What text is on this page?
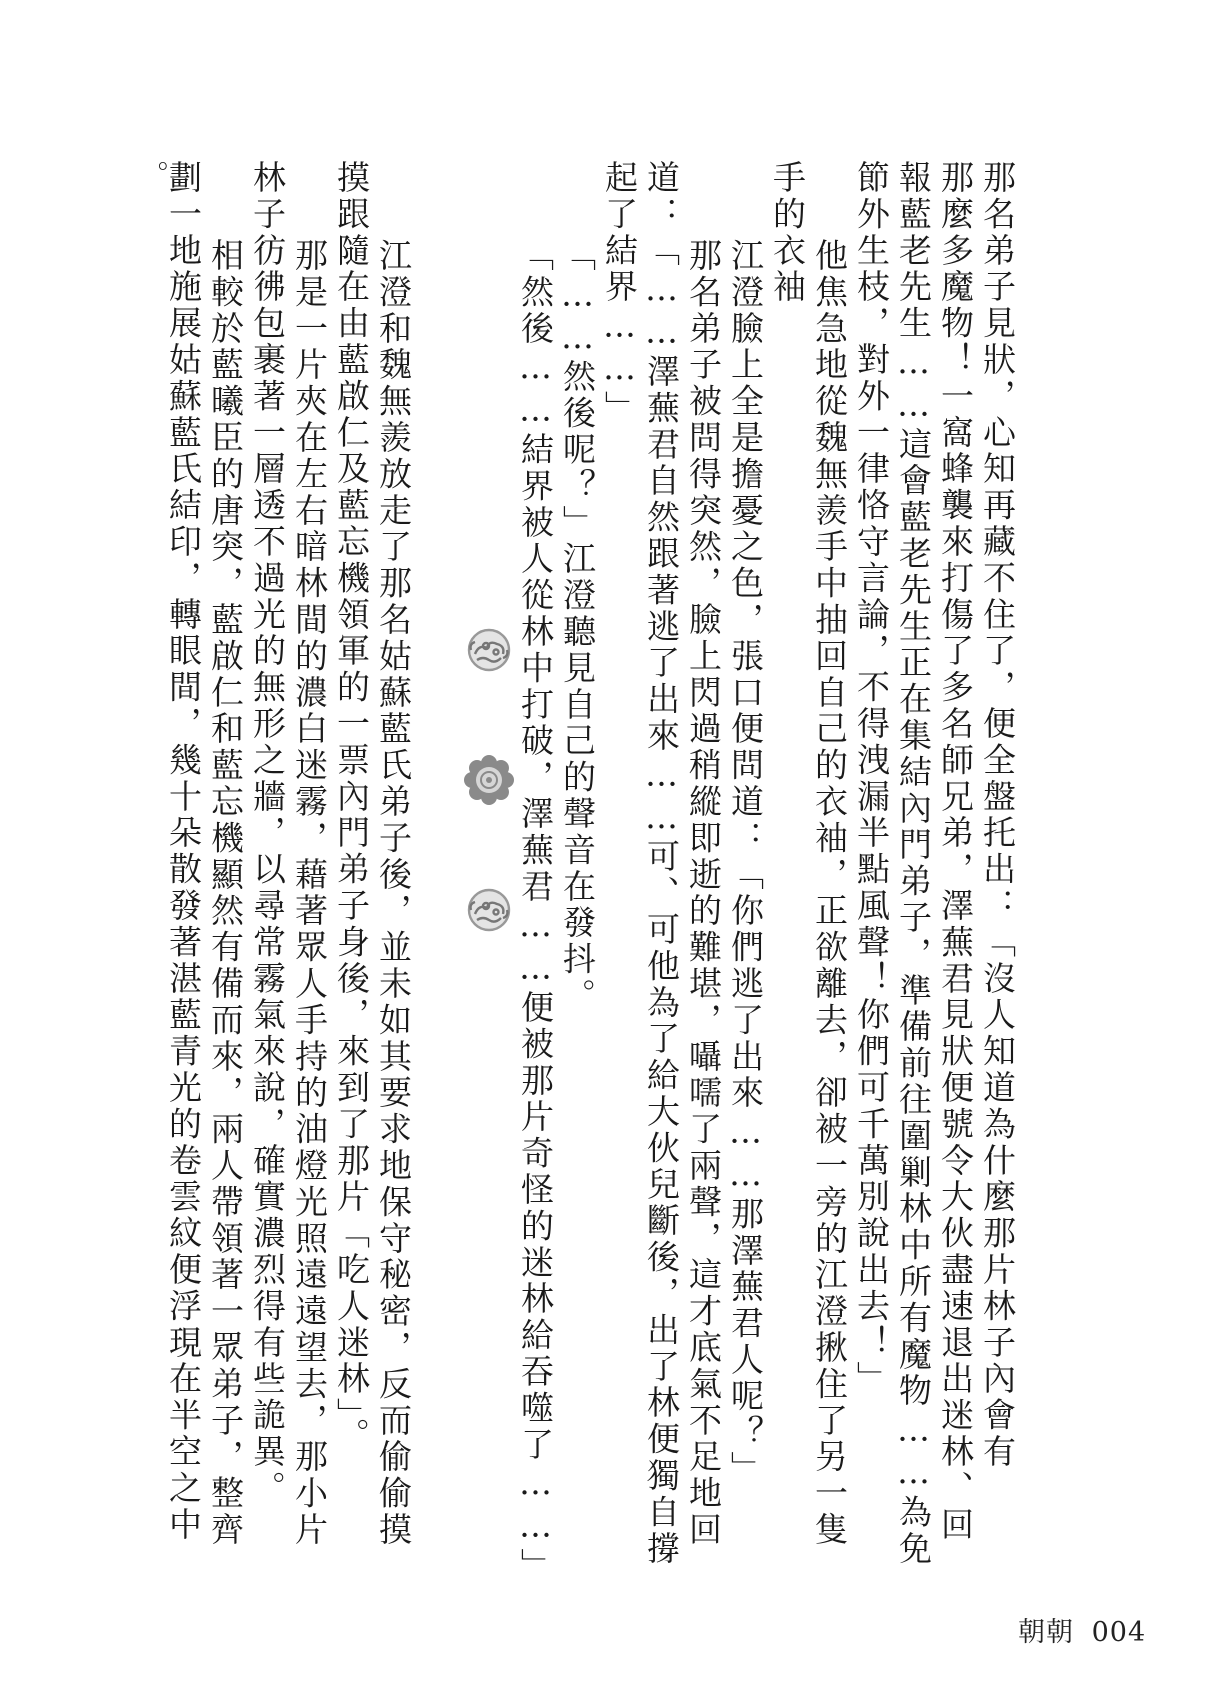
那名弟子見狀，心知再藏不住了，便全盤托出：「沒人知道為什麼那片林子內會有
那麼多魔物！一窩蜂襲來打傷了多名師兄弟，澤蕪君見狀便號令大伙盡速退出迷林、回
報藍老先生……這會藍老先生正在集結內門弟子，準備前往圍剿林中所有魔物……為免
節外生枝，對外一律恪守言論，不得洩漏半點風聲！你們可千萬別說出去！」
他焦急地從魏無羨手中抽回自己的衣袖，正欲離去，卻被一旁的江澄揪住了另一隻
手的衣袖
江澄臉上全是擔憂之色，張口便問道：「你們逃了出來……那澤蕪君人呢？」
那名弟子被問得突然，臉上閃過稍縱即逝的難堪，囁嚅了兩聲，這才底氣不足地回
道：「……澤蕪君自然跟著逃了出來……可、可他為了給大伙兒斷後，出了林便獨自撐
起了結界……」
「……然後呢？」江澄聽見自己的聲音在發抖。
「然後……結界被人從林中打破，澤蕪君……便被那片奇怪的迷林給吞噬了……」
江澄和魏無羨放走了那名姑蘇藍氏弟子後，並未如其要求地保守秘密，反而偷偷摸
摸跟隨在由藍啟仁及藍忘機領軍的一票內門弟子身後，來到了那片「吃人迷林」。
那是一片夾在左右暗林間的濃白迷霧，藉著眾人手持的油燈光照遠遠望去，那小片
林子彷彿包裹著一層透不過光的無形之牆，以尋常霧氣來說，確實濃烈得有些詭異。
相較於藍曦臣的唐突，藍啟仁和藍忘機顯然有備而來，兩人帶領著一眾弟子，整齊
劃一地施展姑蘇藍氏結印，轉眼間，幾十朵散發著湛藍青光的卷雲紋便浮現在半空之中
。
朝朝 004
